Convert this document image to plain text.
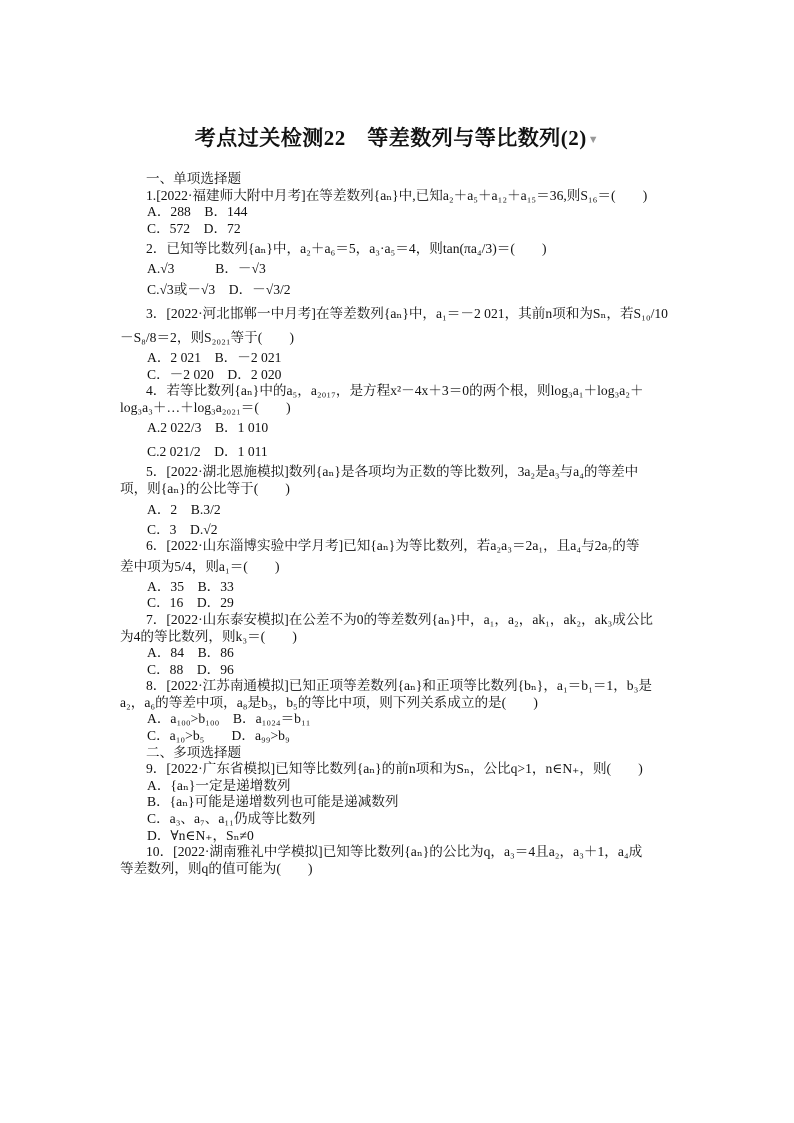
考点过关检测22　等差数列与等比数列(2)▼
一、单项选择题
1.[2022·福建师大附中月考]在等差数列{aₙ}中,已知a₂＋a₅＋a₁₂＋a₁₅＝36,则S₁₆＝(　　)
A．288　B．144
C．572　D．72
2．已知等比数列{aₙ}中，a₂＋a₆＝5，a₃·a₅＝4，则tan(πa₄/3)＝(　　)
A.√3　　　B．－√3
C.√3或－√3　D．－√3/2
3．[2022·河北邯郸一中月考]在等差数列{aₙ}中，a₁＝－2 021，其前n项和为Sₙ，若S₁₀/10
－S₈/8＝2，则S₂₀₂₁等于(　　)
A．2 021　B．－2 021
C．－2 020　D．2 020
4．若等比数列{aₙ}中的a₅，a₂₀₁₇，是方程x²－4x＋3＝0的两个根，则log₃a₁＋log₃a₂＋
log₃a₃＋…＋log₃a₂₀₂₁＝(　　)
A.2 022/3　B．1 010
C.2 021/2　D．1 011
5．[2022·湖北恩施模拟]数列{aₙ}是各项均为正数的等比数列，3a₂是a₃与a₄的等差中
项，则{aₙ}的公比等于(　　)
A．2　B.3/2
C．3　D.√2
6．[2022·山东淄博实验中学月考]已知{aₙ}为等比数列，若a₂a₃＝2a₁，且a₄与2a₇的等
差中项为5/4，则a₁＝(　　)
A．35　B．33
C．16　D．29
7．[2022·山东泰安模拟]在公差不为0的等差数列{aₙ}中，a₁，a₂，ak₁，ak₂，ak₃成公比
为4的等比数列，则k₃＝(　　)
A．84　B．86
C．88　D．96
8．[2022·江苏南通模拟]已知正项等差数列{aₙ}和正项等比数列{bₙ}，a₁＝b₁＝1，b₃是
a₂，a₆的等差中项，a₈是b₃，b₅的等比中项，则下列关系成立的是(　　)
A．a₁₀₀>b₁₀₀　B．a₁₀₂₄＝b₁₁
C．a₁₀>b₅　　D．a₉₉>b₉
二、多项选择题
9．[2022·广东省模拟]已知等比数列{aₙ}的前n项和为Sₙ，公比q>1，n∈N₊，则(　　)
A．{aₙ}一定是递增数列
B．{aₙ}可能是递增数列也可能是递减数列
C．a₃、a₇、a₁₁仍成等比数列
D．∀n∈N₊，Sₙ≠0
10．[2022·湖南雅礼中学模拟]已知等比数列{aₙ}的公比为q，a₃＝4且a₂，a₃＋1，a₄成
等差数列，则q的值可能为(　　)
